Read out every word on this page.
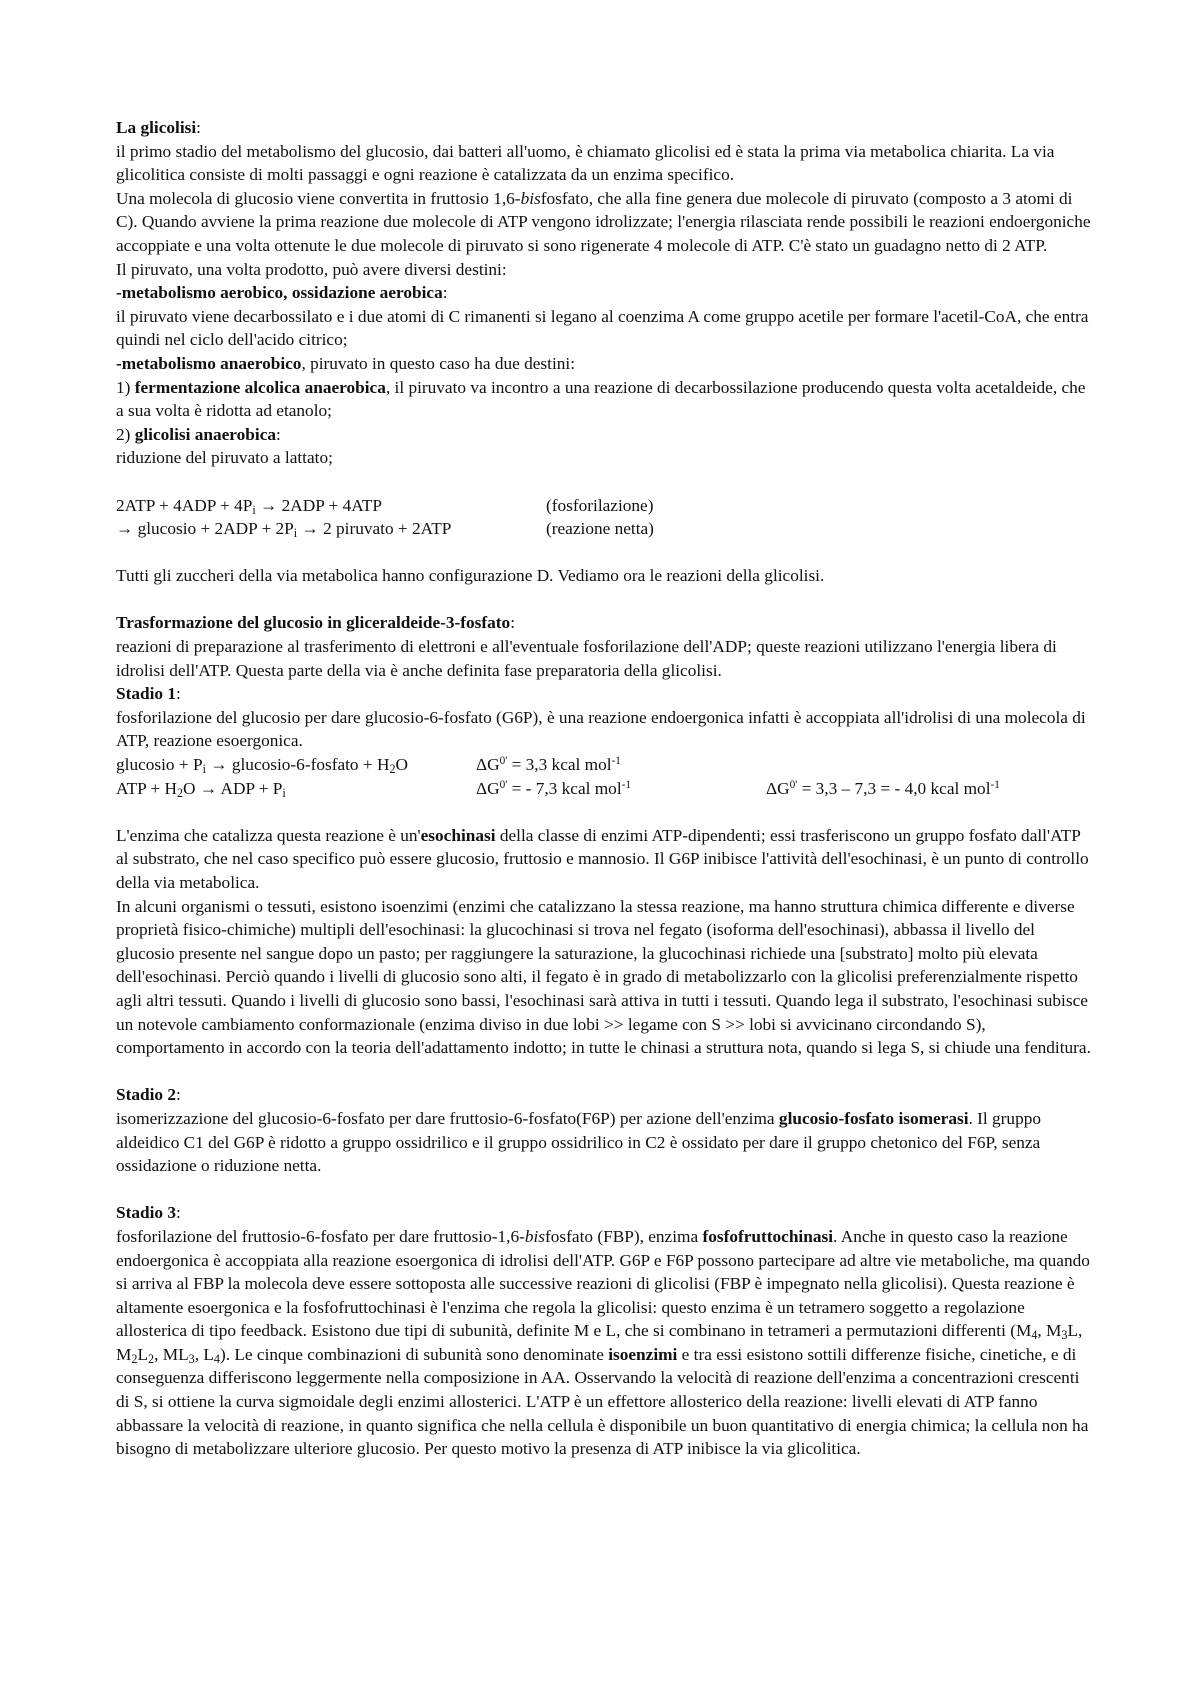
La glicolisi:

il primo stadio del metabolismo del glucosio, dai batteri all'uomo, è chiamato glicolisi ed è stata la prima via metabolica chiarita. La via glicolitica consiste di molti passaggi e ogni reazione è catalizzata da un enzima specifico.

Una molecola di glucosio viene convertita in fruttosio 1,6-bisfosfato, che alla fine genera due molecole di piruvato (composto a 3 atomi di C). Quando avviene la prima reazione due molecole di ATP vengono idrolizzate; l'energia rilasciata rende possibili le reazioni endoergoniche accoppiate e una volta ottenute le due molecole di piruvato si sono rigenerate 4 molecole di ATP. C'è stato un guadagno netto di 2 ATP.

Il piruvato, una volta prodotto, può avere diversi destini:

-metabolismo aerobico, ossidazione aerobica:

il piruvato viene decarbossilato e i due atomi di C rimanenti si legano al coenzima A come gruppo acetile per formare l'acetil-CoA, che entra quindi nel ciclo dell'acido citrico;

-metabolismo anaerobico, piruvato in questo caso ha due destini:

1) fermentazione alcolica anaerobica, il piruvato va incontro a una reazione di decarbossilazione producendo questa volta acetaldeide, che a sua volta è ridotta ad etanolo;

2) glicolisi anaerobica:

riduzione del piruvato a lattato;

$2ATP + 4ADP + 4P_i \to 2ADP + 4ATP$	(fosforilazione)
→ glucosio + $2ADP + 2P_i \to 2$ piruvato + 2ATP	(reazione netta)

Tutti gli zuccheri della via metabolica hanno configurazione D. Vediamo ora le reazioni della glicolisi.

Trasformazione del glucosio in gliceraldeide-3-fosfato:

reazioni di preparazione al trasferimento di elettroni e all'eventuale fosforilazione dell'ADP; queste reazioni utilizzano l'energia libera di idrolisi dell'ATP. Questa parte della via è anche definita fase preparatoria della glicolisi.

Stadio 1:

fosforilazione del glucosio per dare glucosio-6-fosfato (G6P), è una reazione endoergonica infatti è accoppiata all'idrolisi di una molecola di ATP, reazione esoergonica.

glucosio + $P_i$ → glucosio-6-fosfato + $H_2O$	$\Delta G^{0'} = 3,3$ kcal mol$^{-1}$
ATP + $H_2O$ → ADP + $P_i$	$\Delta G^{0'}$ = - 7,3 kcal mol$^{-1}$	$\Delta G^{0'} = 3,3 - 7,3$ = - 4,0 kcal mol$^{-1}$

L'enzima che catalizza questa reazione è un'esochinasi della classe di enzimi ATP-dipendenti; essi trasferiscono un gruppo fosfato dall'ATP al substrato, che nel caso specifico può essere glucosio, fruttosio e mannosio. Il G6P inibisce l'attività dell'esochinasi, è un punto di controllo della via metabolica.

In alcuni organismi o tessuti, esistono isoenzimi (enzimi che catalizzano la stessa reazione, ma hanno struttura chimica differente e diverse proprietà fisico-chimiche) multipli dell'esochinasi: la glucochinasi si trova nel fegato (isoforma dell'esochinasi), abbassa il livello del glucosio presente nel sangue dopo un pasto; per raggiungere la saturazione, la glucochinasi richiede una [substrato] molto più elevata dell'esochinasi. Perciò quando i livelli di glucosio sono alti, il fegato è in grado di metabolizzarlo con la glicolisi preferenzialmente rispetto agli altri tessuti. Quando i livelli di glucosio sono bassi, l'esochinasi sarà attiva in tutti i tessuti. Quando lega il substrato, l'esochinasi subisce un notevole cambiamento conformazionale (enzima diviso in due lobi >> legame con S >> lobi si avvicinano circondando S), comportamento in accordo con la teoria dell'adattamento indotto; in tutte le chinasi a struttura nota, quando si lega S, si chiude una fenditura.

Stadio 2:

isomerizzazione del glucosio-6-fosfato per dare fruttosio-6-fosfato(F6P) per azione dell'enzima glucosio-fosfato isomerasi. Il gruppo aldeidico C1 del G6P è ridotto a gruppo ossidrilico e il gruppo ossidrilico in C2 è ossidato per dare il gruppo chetonico del F6P, senza ossidazione o riduzione netta.

Stadio 3:

fosforilazione del fruttosio-6-fosfato per dare fruttosio-1,6-bisfosfato (FBP), enzima fosfofruttochinasi. Anche in questo caso la reazione endoergonica è accoppiata alla reazione esoergonica di idrolisi dell'ATP. G6P e F6P possono partecipare ad altre vie metaboliche, ma quando si arriva al FBP la molecola deve essere sottoposta alle successive reazioni di glicolisi (FBP è impegnato nella glicolisi). Questa reazione è altamente esoergonica e la fosfofruttochinasi è l'enzima che regola la glicolisi: questo enzima è un tetramero soggetto a regolazione allosterica di tipo feedback. Esistono due tipi di subunità, definite M e L, che si combinano in tetrameri a permutazioni differenti ($M_4$, $M_3L$, $M_2L_2$, $ML_3$, $L_4$). Le cinque combinazioni di subunità sono denominate isoenzimi e tra essi esistono sottili differenze fisiche, cinetiche, e di conseguenza differiscono leggermente nella composizione in AA. Osservando la velocità di reazione dell'enzima a concentrazioni crescenti di S, si ottiene la curva sigmoidale degli enzimi allosterici. L'ATP è un effettore allosterico della reazione: livelli elevati di ATP fanno abbassare la velocità di reazione, in quanto significa che nella cellula è disponibile un buon quantitativo di energia chimica; la cellula non ha bisogno di metabolizzare ulteriore glucosio. Per questo motivo la presenza di ATP inibisce la via glicolitica.
